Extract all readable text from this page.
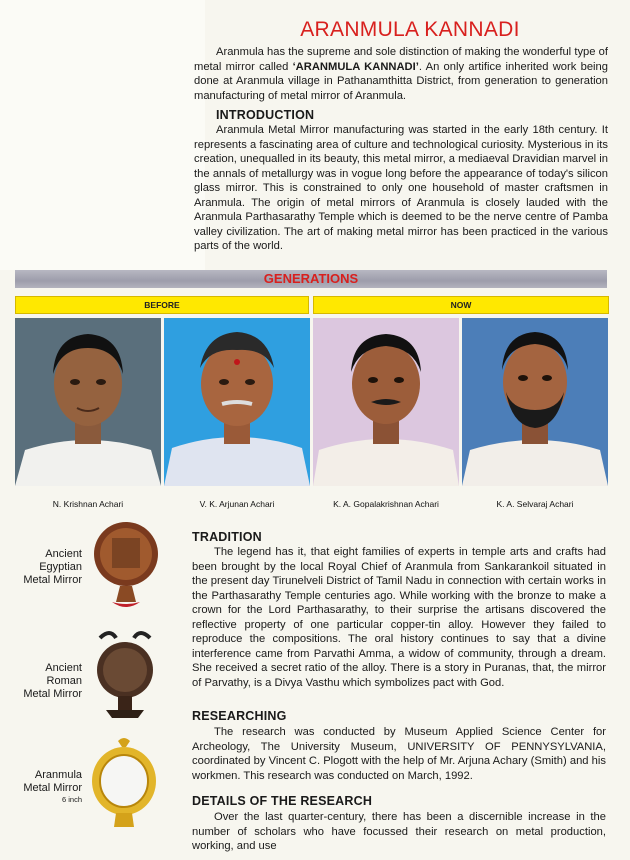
ARANMULA KANNADI

Aranmula has the supreme and sole distinction of making the wonderful type of metal mirror called ‘ARANMULA KANNADI’. An only artifice inherited work being done at Aranmula village in Pathanamthitta District, from generation to generation manufacturing of metal mirror of Aranmula.

INTRODUCTION

Aranmula Metal Mirror manufacturing was started in the early 18th century. It represents a fascinating area of culture and technological curiosity. Mysterious in its creation, unequalled in its beauty, this metal mirror, a mediaeval Dravidian marvel in the annals of metallurgy was in vogue long before the appearance of today's silicon glass mirror. This is constrained to only one household of master craftsmen in Aranmula. The origin of metal mirrors of Aranmula is closely lauded with the Aranmula Parthasarathy Temple which is deemed to be the nerve centre of Pamba valley civilization. The art of making metal mirror has been practiced in the various parts of the world.

GENERATIONS
BEFORE	NOW
N. Krishnan Achari	V. K. Arjunan Achari	K. A. Gopalakrishnan Achari	K. A. Selvaraj Achari
Ancient
Egyptian
Metal Mirror
Ancient
Roman
Metal Mirror
Aranmula
Metal Mirror
6 inch
TRADITION

The legend has it, that eight families of experts in temple arts and crafts had been brought by the local Royal Chief of Aranmula from Sankarankoil situated in the present day Tirunelveli District of Tamil Nadu in connection with certain works in the Parthasarathy Temple centuries ago. While working with the bronze to make a crown for the Lord Parthasarathy, to their surprise the artisans discovered the reflective property of one particular copper-tin alloy. However they failed to reproduce the compositions. The oral history continues to say that a divine interference came from Parvathi Amma, a widow of community, through a dream. She received a secret ratio of the alloy. There is a story in Puranas, that, the mirror of Parvathy, is a Divya Vasthu which symbolizes pact with God.

RESEARCHING

The research was conducted by Museum Applied Science Center for Archeology, The University Museum, UNIVERSITY OF PENNYSYLVANIA, coordinated by Vincent C. Plogott with the help of Mr. Arjuna Achary (Smith) and his workmen. This research was conducted on March, 1992.

DETAILS OF THE RESEARCH

Over the last quarter-century, there has been a discernible increase in the number of scholars who have focussed their research on metal production, working, and use
